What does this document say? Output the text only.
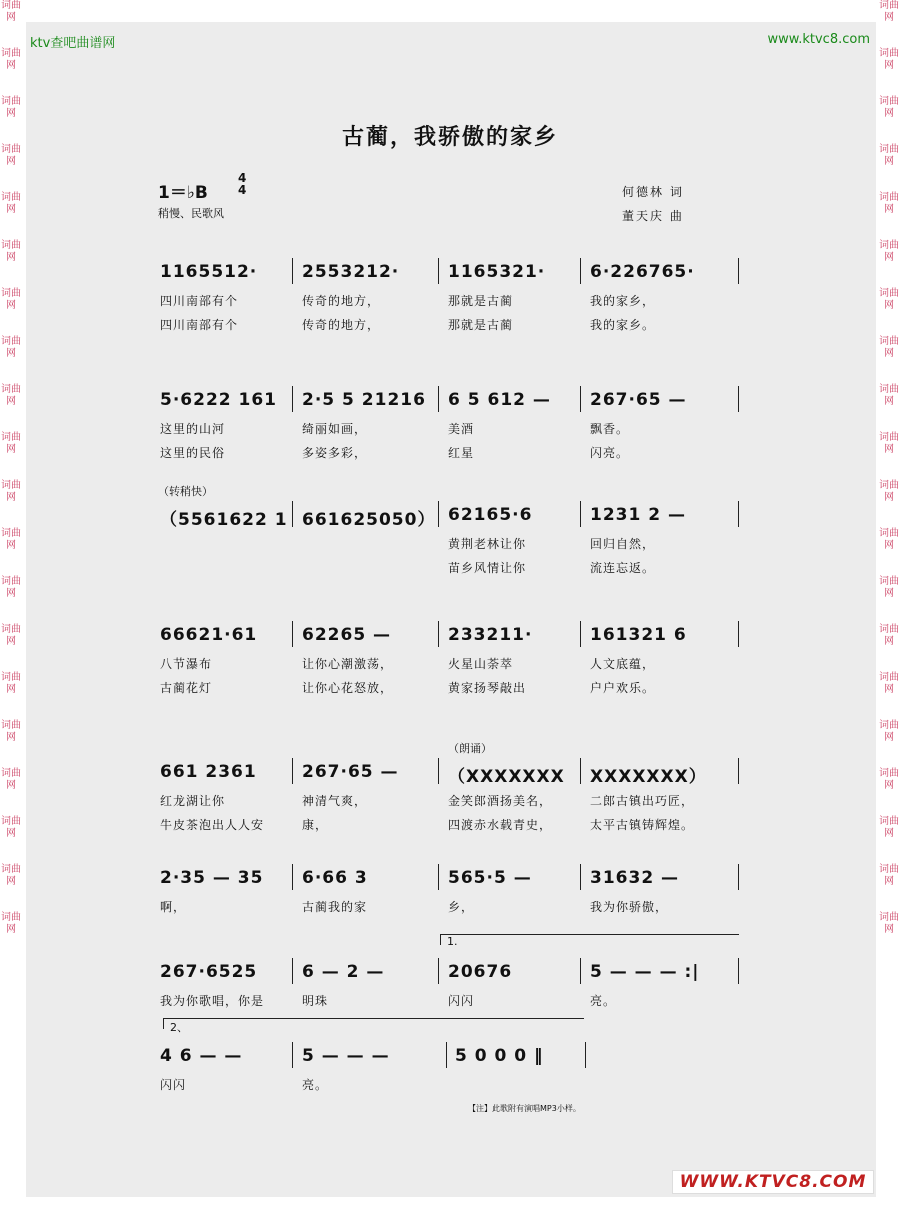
词曲网
词曲网
词曲网
词曲网
词曲网
词曲网
词曲网
词曲网
词曲网
词曲网
词曲网
词曲网
词曲网
词曲网
词曲网
词曲网
词曲网
词曲网
词曲网
词曲网
词曲网
词曲网
词曲网
词曲网
词曲网
词曲网
词曲网
词曲网
词曲网
词曲网
词曲网
词曲网
词曲网
词曲网
词曲网
词曲网
词曲网
词曲网
词曲网
词曲网
ktv查吧曲谱网	www.ktvc8.com
古蔺，我骄傲的家乡
1＝♭B
4
4
稍慢、民歌风
何德林 词
董天庆 曲
1165512·
四川南部有个
四川南部有个
2553212·
传奇的地方，
传奇的地方，
1165321·
那就是古蔺
那就是古蔺
6·226765·
我的家乡，
我的家乡。
5·6222 161
这里的山河
这里的民俗
2·5 5 21216
绮丽如画，
多姿多彩，
6 5 612 —
美酒
红星
267·65 —
飘香。
闪亮。
（转稍快）
（5561622 1 661625050） 62165·6
黄荆老林让你
苗乡风情让你
1231 2 —
回归自然，
流连忘返。
66621·61
八节瀑布
古蔺花灯
62265 —
让你心潮激荡，
让你心花怒放，
233211·
火星山荼萃
黄家扬琴敲出
161321 6
人文底蕴，
户户欢乐。
（朗诵）
661 2361
红龙湖让你
牛皮茶泡出人人安
267·65 —
神清气爽，
康，
（XXXXXXX
金笑郎酒扬美名，
四渡赤水载青史，
XXXXXXX）
二郎古镇出巧匠，
太平古镇铸辉煌。
2·35 — 35
啊，
6·66 3
古蔺我的家
565·5 —
乡，
31632 —
我为你骄傲，
1.
267·6525
我为你歌唱，你是
6 — 2 —
明珠
20676
闪闪
5 — — — :|
亮。
2、
4 6 — —
闪闪
5 — — —
亮。
5 0 0 0 ‖
【注】此歌附有演唱MP3小样。
WWW.KTVC8.COM
